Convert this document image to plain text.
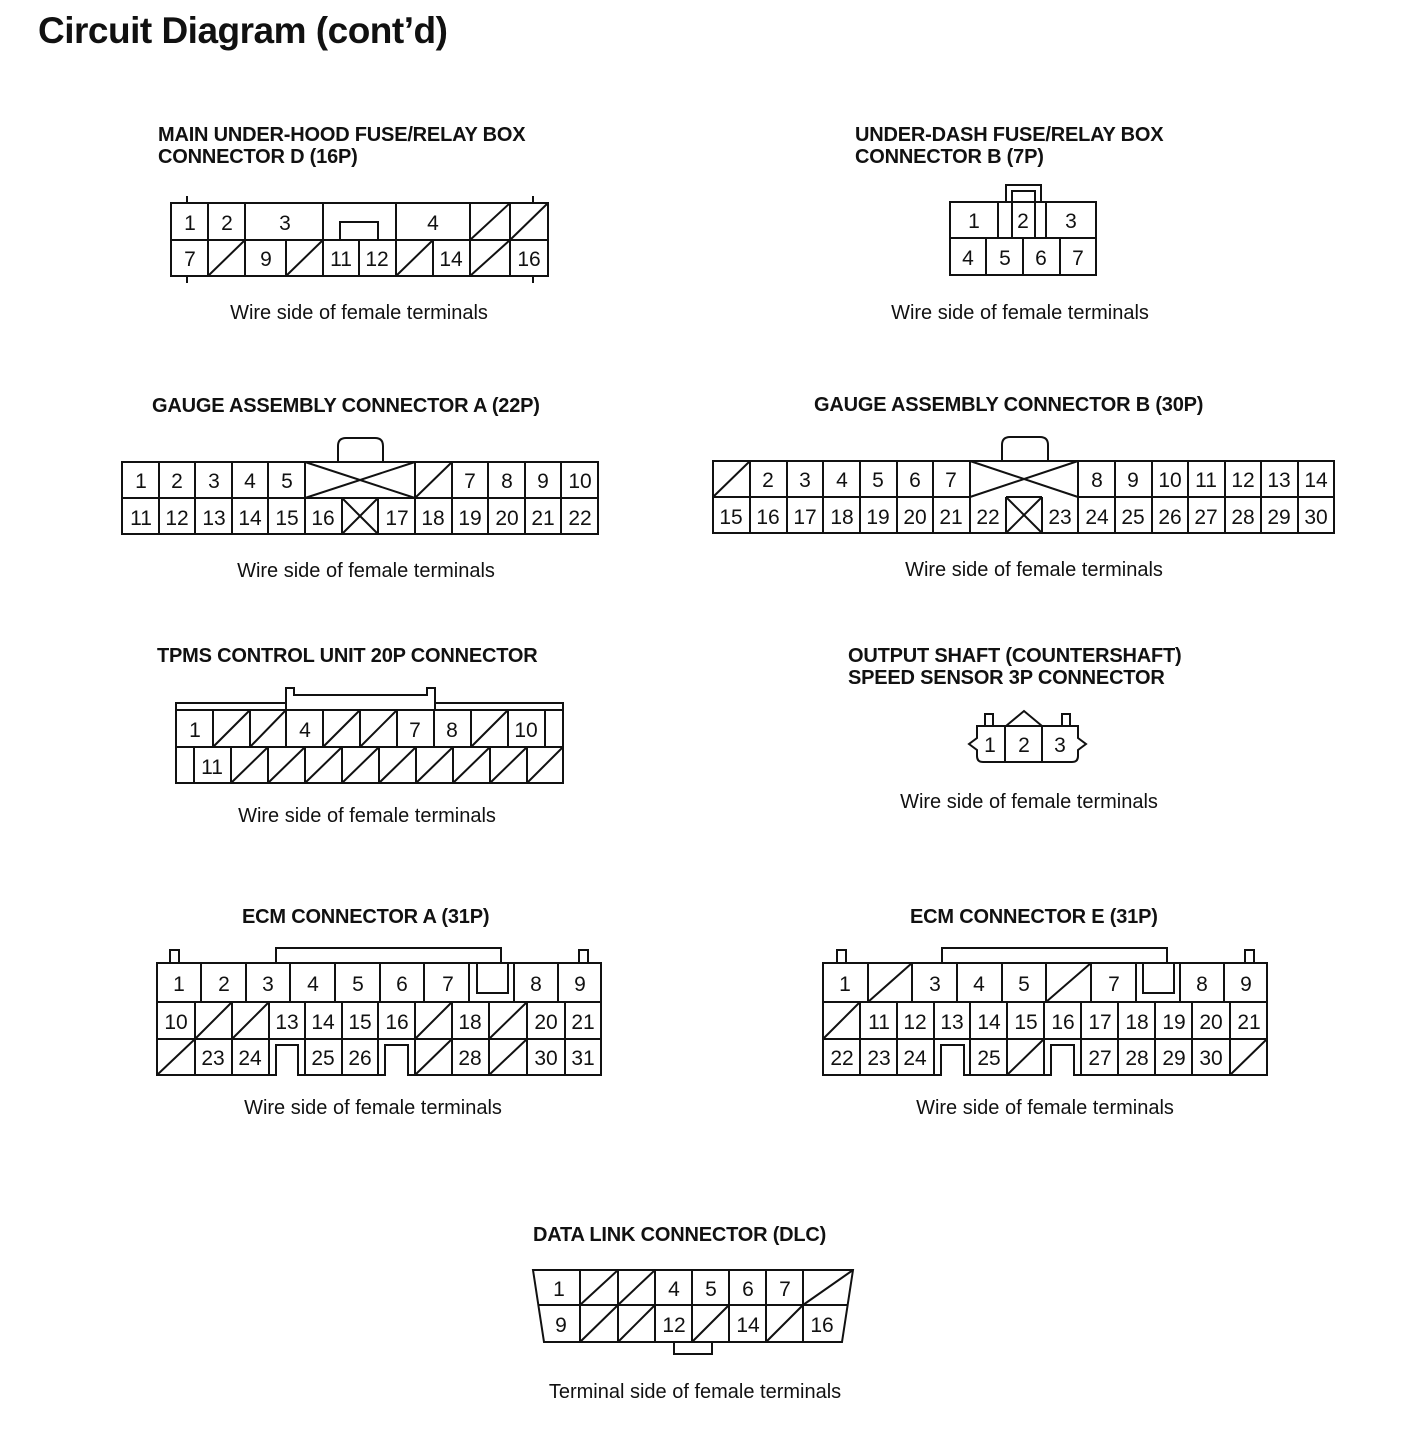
Circuit Diagram (cont’d)
MAIN UNDER-HOOD FUSE/RELAY BOX
CONNECTOR D (16P)
1 2 3	4
7	9	11 12 14	16
Wire side of female terminals
UNDER-DASH FUSE/RELAY BOX
CONNECTOR B (7P)
1 2 3
4 5 6 7
Wire side of female terminals
GAUGE ASSEMBLY CONNECTOR A (22P)
1 2 3 4 5	7 8 9 10
11 12 13 14 15 16 17 18 19 20 21 22
Wire side of female terminals
GAUGE ASSEMBLY CONNECTOR B (30P)
2 3 4 5 6 7	8 9 10 11 12 13 14
15 16 17 18 19 20 21 22 23 24 25 26 27 28 29 30
Wire side of female terminals
TPMS CONTROL UNIT 20P CONNECTOR
1	4	7 8	10
11
Wire side of female terminals
OUTPUT SHAFT (COUNTERSHAFT)
SPEED SENSOR 3P CONNECTOR
1 2 3
Wire side of female terminals
ECM CONNECTOR A (31P)
1 2 3 4 5 6 7	8 9
10	13 14 15 16 18	20 21
23 24 25 26	28	30 31
Wire side of female terminals
ECM CONNECTOR E (31P)
1	3 4 5	7	8 9
11 12 13 14 15 16 17 18 19 20 21
22 23 24 25	27 28 29 30
Wire side of female terminals
DATA LINK CONNECTOR (DLC)
1	4 5 6 7
9	12 14 16
Terminal side of female terminals
